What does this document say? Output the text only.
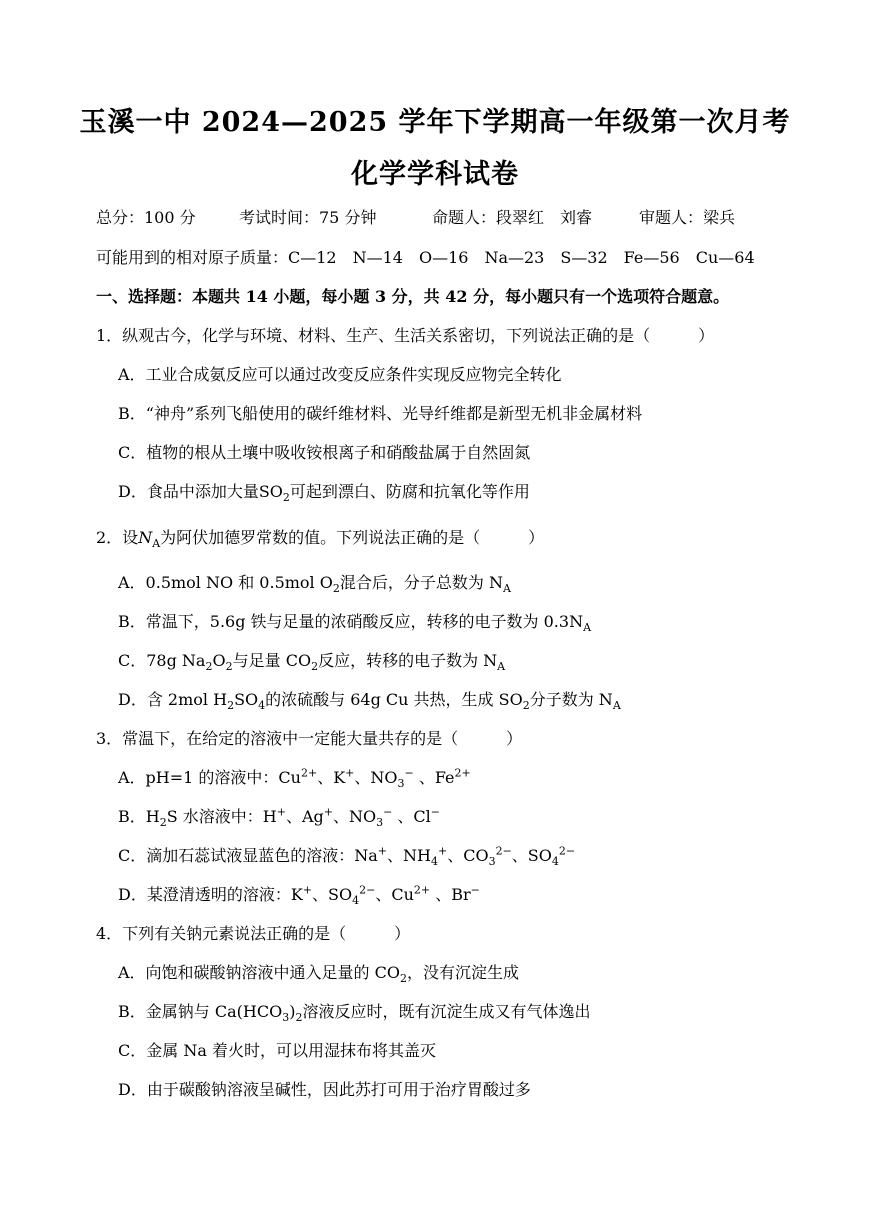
玉溪一中 2024—2025 学年下学期高一年级第一次月考
化学学科试卷
总分：100 分	考试时间：75 分钟	命题人：段翠红　刘睿	审题人：梁兵
可能用到的相对原子质量：C—12　N—14　O—16　Na—23　S—32　Fe—56　Cu—64
一、选择题：本题共 14 小题，每小题 3 分，共 42 分，每小题只有一个选项符合题意。
1．纵观古今，化学与环境、材料、生产、生活关系密切，下列说法正确的是（　　　）
A．工业合成氨反应可以通过改变反应条件实现反应物完全转化
B．“神舟”系列飞船使用的碳纤维材料、光导纤维都是新型无机非金属材料
C．植物的根从土壤中吸收铵根离子和硝酸盐属于自然固氮
D．食品中添加大量$SO_2$可起到漂白、防腐和抗氧化等作用
2．设$N_A$为阿伏加德罗常数的值。下列说法正确的是（　　　）
A．0.5mol NO 和 0.5mol $O_2$混合后，分子总数为 $N_A$
B．常温下，5.6g 铁与足量的浓硝酸反应，转移的电子数为 $0.3N_A$
C．78g $Na_2O_2$与足量 $CO_2$反应，转移的电子数为 $N_A$
D．含 2mol $H_2SO_4$的浓硫酸与 64g Cu 共热，生成 $SO_2$分子数为 $N_A$
3．常温下，在给定的溶液中一定能大量共存的是（　　　）
A．pH=1 的溶液中：$Cu^{2+}$、K+、$NO_3^-$ 、$Fe^{2+}$
B．$H_2S$ 水溶液中：H+、Ag+、$NO_3^-$ 、Cl−
C．滴加石蕊试液显蓝色的溶液：Na+、$NH_4^+$、$CO_3^{2-}$、$SO_4^{2-}$
D．某澄清透明的溶液：K+、$SO_4^{2-}$、$Cu^{2+}$ 、Br−
4．下列有关钠元素说法正确的是（　　　）
A．向饱和碳酸钠溶液中通入足量的 $CO_2$，没有沉淀生成
B．金属钠与 $Ca(HCO_3)_2$溶液反应时，既有沉淀生成又有气体逸出
C．金属 Na 着火时，可以用湿抹布将其盖灭
D．由于碳酸钠溶液呈碱性，因此苏打可用于治疗胃酸过多
